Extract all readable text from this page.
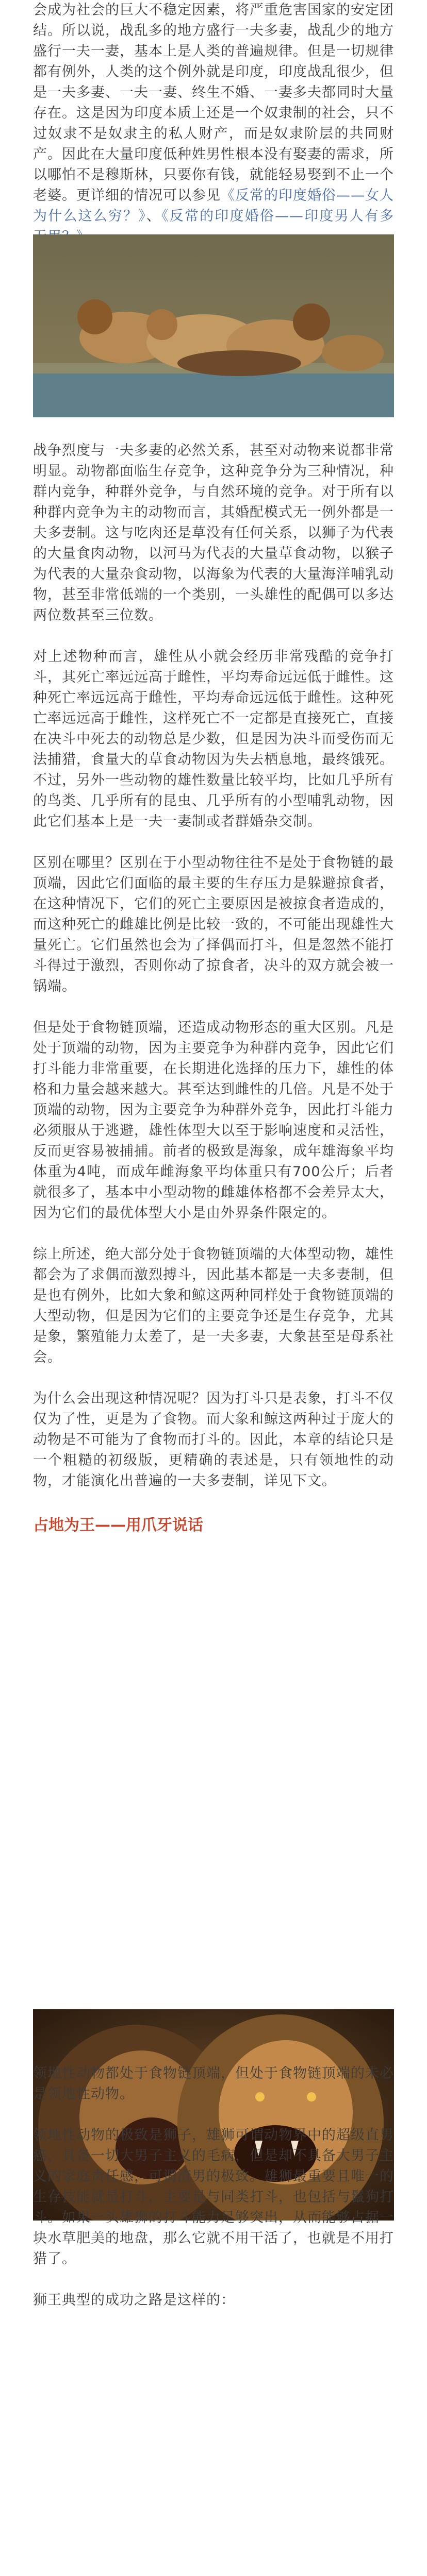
会成为社会的巨大不稳定因素，将严重危害国家的安定团结。所以说，战乱多的地方盛行一夫多妻，战乱少的地方盛行一夫一妻，基本上是人类的普遍规律。但是一切规律都有例外，人类的这个例外就是印度，印度战乱很少，但是一夫多妻、一夫一妻、终生不婚、一妻多夫都同时大量存在。这是因为印度本质上还是一个奴隶制的社会，只不过奴隶不是奴隶主的私人财产，而是奴隶阶层的共同财产。因此在大量印度低种姓男性根本没有娶妻的需求，所以哪怕不是穆斯林，只要你有钱，就能轻易娶到不止一个老婆。更详细的情况可以参见《反常的印度婚俗——女人为什么这么穷？》、《反常的印度婚俗——印度男人有多

战争烈度与一夫多妻的必然关系，甚至对动物来说都非常明显。动物都面临生存竞争，这种竞争分为三种情况，种群内竞争，种群外竞争，与自然环境的竞争。对于所有以种群内竞争为主的动物而言，其婚配模式无一例外都是一夫多妻制。这与吃肉还是草没有任何关系，以狮子为代表的大量食肉动物，以河马为代表的大量草食动物，以猴子为代表的大量杂食动物，以海象为代表的大量海洋哺乳动物，甚至非常低端的一个类别，一头雄性的配偶可以多达两位数甚至三位数。

对上述物种而言，雄性从小就会经历非常残酷的竞争打斗，其死亡率远远高于雌性，平均寿命远远低于雌性。这种死亡率远远高于雌性，平均寿命远远低于雌性。这种死亡率远远高于雌性，这样死亡不一定都是直接死亡，直接在决斗中死去的动物总是少数，但是因为决斗而受伤而无法捕猎，食量大的草食动物因为失去栖息地，最终饿死。不过，另外一些动物的雄性数量比较平均，比如几乎所有的鸟类、几乎所有的昆虫、几乎所有的小型哺乳动物，因此它们基本上是一夫一妻制或者群婚杂交制。

区别在哪里？区别在于小型动物往往不是处于食物链的最顶端，因此它们面临的最主要的生存压力是躲避掠食者，在这种情况下，它们的死亡主要原因是被掠食者造成的，而这种死亡的雌雄比例是比较一致的，不可能出现雄性大量死亡。它们虽然也会为了择偶而打斗，但是忽然不能打斗得过于激烈，否则你动了掠食者，决斗的双方就会被一锅端。

但是处于食物链顶端，还造成动物形态的重大区别。凡是处于顶端的动物，因为主要竞争为种群内竞争，因此它们打斗能力非常重要，在长期进化选择的压力下，雄性的体格和力量会越来越大。甚至达到雌性的几倍。凡是不处于顶端的动物，因为主要竞争为种群外竞争，因此打斗能力必须服从于逃避，雄性体型大以至于影响速度和灵活性，反而更容易被捕捕。前者的极致是海象，成年雄海象平均体重为4吨，而成年雌海象平均体重只有700公斤；后者就很多了，基本中小型动物的雌雄体格都不会差异太大，因为它们的最优体型大小是由外界条件限定的。

综上所述，绝大部分处于食物链顶端的大体型动物，雄性都会为了求偶而激烈搏斗，因此基本都是一夫多妻制，但是也有例外，比如大象和鲸这两种同样处于食物链顶端的大型动物，但是因为它们的主要竞争还是生存竞争，尤其是象，繁殖能力太差了，是一夫多妻，大象甚至是母系社会。

为什么会出现这种情况呢？因为打斗只是表象，打斗不仅仅为了性，更是为了食物。而大象和鲸这两种过于庞大的动物是不可能为了食物而打斗的。因此，本章的结论只是一个粗糙的初级版，更精确的表述是，只有领地性的动物，才能演化出普遍的一夫多妻制，详见下文。

占地为王——用爪牙说话

领地性动物都处于食物链顶端，但处于食物链顶端的未必是领地性动物。

领地性动物的极致是狮子，雄狮可谓动物界中的超级直男癌，具备一切大男子主义的毛病，但是却不具备大男子主义的家庭责任感，可谓渣男的极致。雄狮最重要且唯一的生存技能就是打斗，主要是与同类打斗，也包括与鬣狗打斗。如果一头雄狮的打斗能力足够突出，从而能够占据一块水草肥美的地盘，那么它就不用干活了，也就是不用打猎了。

狮王典型的成功之路是这样的：
